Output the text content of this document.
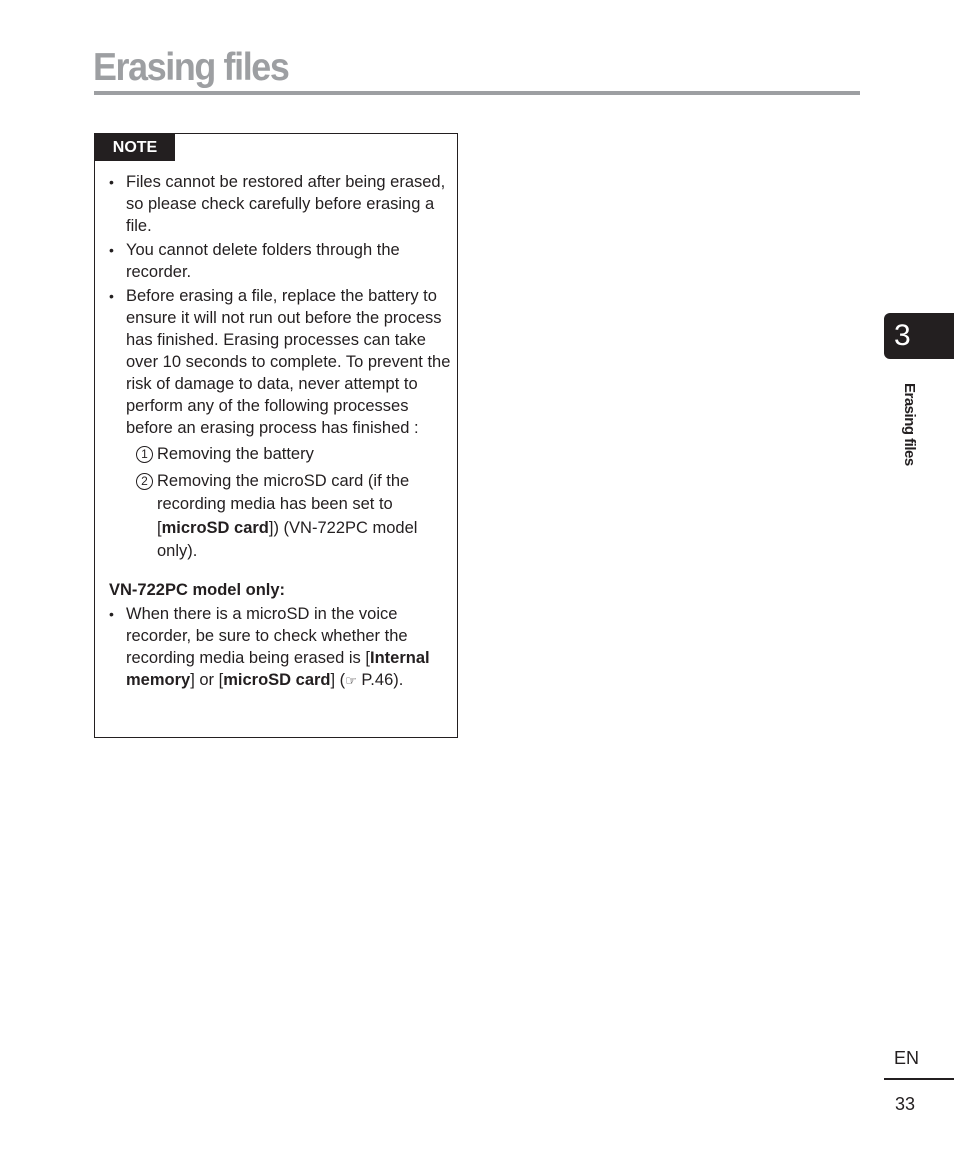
Erasing files
NOTE
• Files cannot be restored after being erased, so please check carefully before erasing a file.
• You cannot delete folders through the recorder.
• Before erasing a file, replace the battery to ensure it will not run out before the process has finished. Erasing processes can take over 10 seconds to complete. To prevent the risk of damage to data, never attempt to perform any of the following processes before an erasing process has finished :
1 Removing the battery
2 Removing the microSD card (if the recording media has been set to [microSD card]) (VN-722PC model only).
VN-722PC model only:
• When there is a microSD in the voice recorder, be sure to check whether the recording media being erased is [Internal memory] or [microSD card] (☞ P.46).
3
Erasing files
EN
33
